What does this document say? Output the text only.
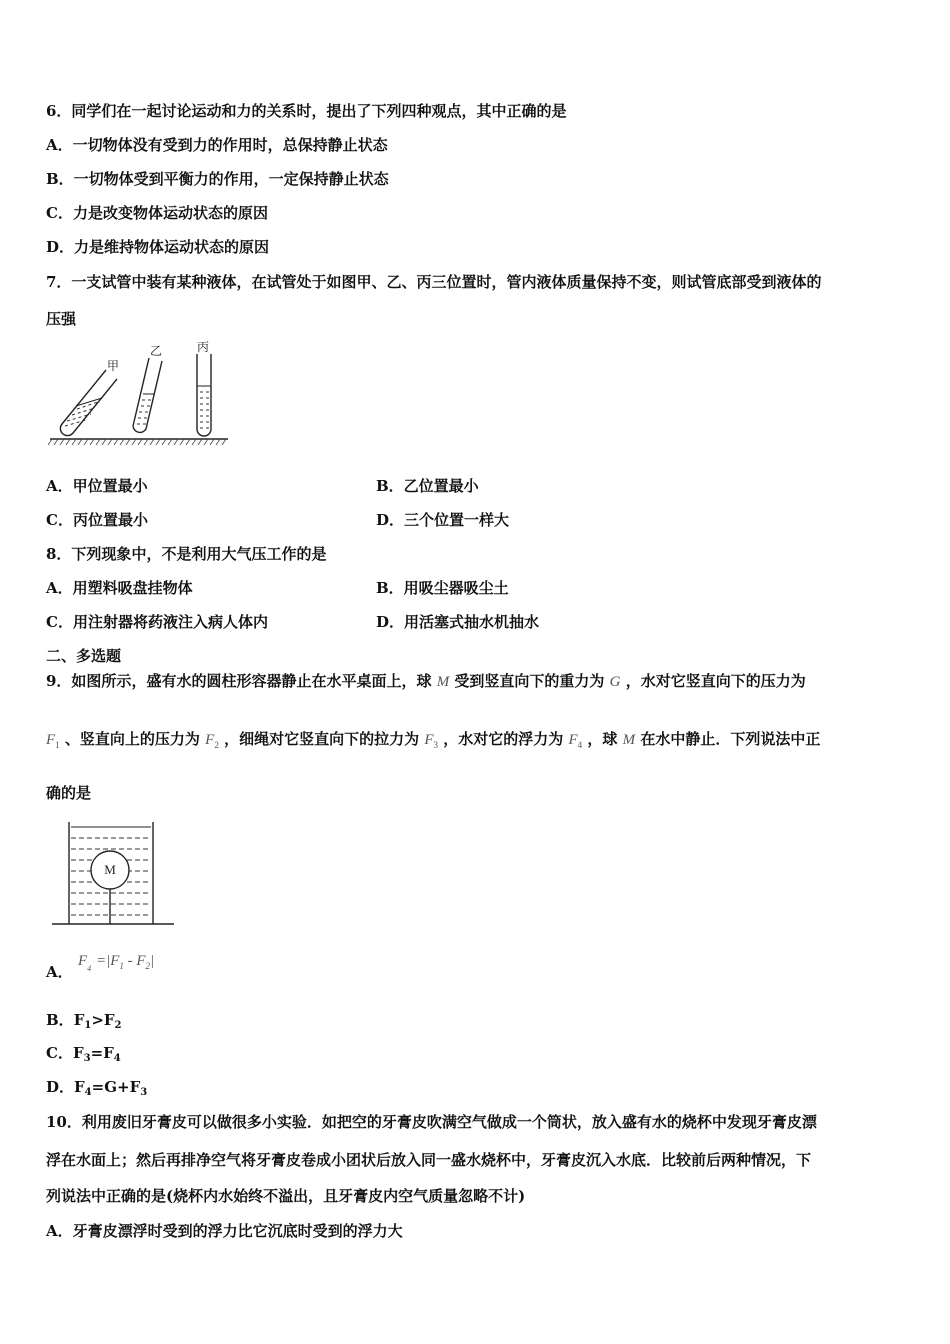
6．同学们在一起讨论运动和力的关系时，提出了下列四种观点，其中正确的是
A．一切物体没有受到力的作用时，总保持静止状态
B．一切物体受到平衡力的作用，一定保持静止状态
C．力是改变物体运动状态的原因
D．力是维持物体运动状态的原因
7．一支试管中装有某种液体，在试管处于如图甲、乙、丙三位置时，管内液体质量保持不变，则试管底部受到液体的
压强
甲
乙	丙
A．甲位置最小	B．乙位置最小
C．丙位置最小	D．三个位置一样大
8．下列现象中，不是利用大气压工作的是
A．用塑料吸盘挂物体	B．用吸尘器吸尘土
C．用注射器将药液注入病人体内	D．用活塞式抽水机抽水
二、多选题
9．如图所示，盛有水的圆柱形容器静止在水平桌面上，球 M 受到竖直向下的重力为 G ，水对它竖直向下的压力为
$F_1$ 、竖直向上的压力为 $F_2$ ，细绳对它竖直向下的拉力为 $F_3$ ，水对它的浮力为 $F_4$ ，球 M 在水中静止．下列说法中正
确的是
M
A．
$F_4 =|F_1 - F_2|$
B．$F_1>F_2$
C．$F_3=F_4$
D．$F_4=G+F_3$
10．利用废旧牙膏皮可以做很多小实验．如把空的牙膏皮吹满空气做成一个筒状，放入盛有水的烧杯中发现牙膏皮漂
浮在水面上；然后再排净空气将牙膏皮卷成小团状后放入同一盛水烧杯中，牙膏皮沉入水底．比较前后两种情况，下
列说法中正确的是(烧杯内水始终不溢出，且牙膏皮内空气质量忽略不计)
A．牙膏皮漂浮时受到的浮力比它沉底时受到的浮力大
